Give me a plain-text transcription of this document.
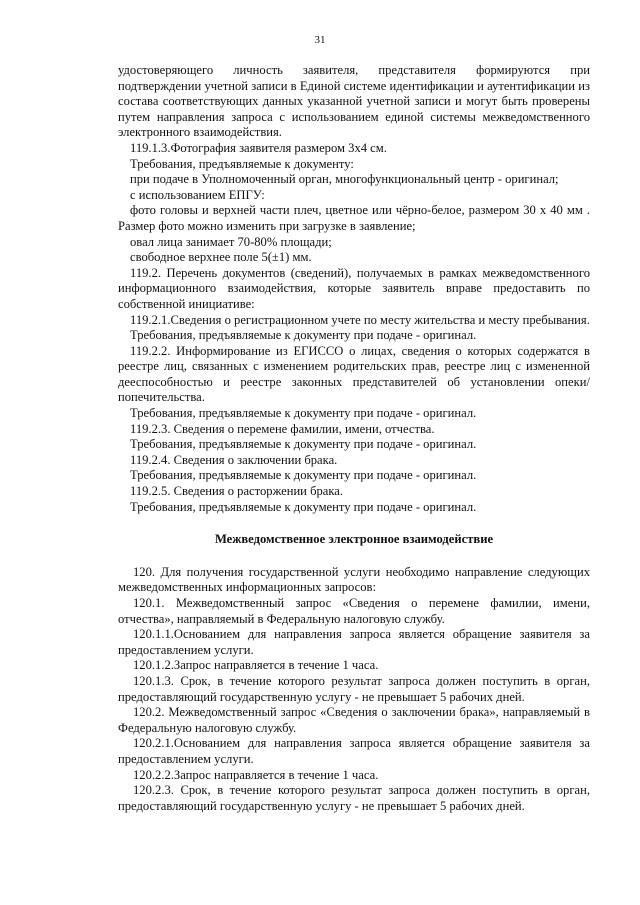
31

удостоверяющего личность заявителя, представителя формируются при подтверждении учетной записи в Единой системе идентификации и аутентификации из состава соответствующих данных указанной учетной записи и могут быть проверены путем направления запроса с использованием единой системы межведомственного электронного взаимодействия.

119.1.3.Фотография заявителя размером 3х4 см.

Требования, предъявляемые к документу:

при подаче в Уполномоченный орган, многофункциональный центр - оригинал;

с использованием ЕПГУ:

фото головы и верхней части плеч, цветное или чёрно-белое, размером 30 х 40 мм . Размер фото можно изменить при загрузке в заявление;

овал лица занимает 70-80% площади;

свободное верхнее поле 5(±1) мм.

119.2. Перечень документов (сведений), получаемых в рамках межведомственного информационного взаимодействия, которые заявитель вправе предоставить по собственной инициативе:

119.2.1.Сведения о регистрационном учете по месту жительства и месту пребывания.

Требования, предъявляемые к документу при подаче - оригинал.

119.2.2. Информирование из ЕГИССО о лицах, сведения о которых содержатся в реестре лиц, связанных с изменением родительских прав, реестре лиц с измененной дееспособностью и реестре законных представителей об установлении опеки/ попечительства.

Требования, предъявляемые к документу при подаче - оригинал.

119.2.3. Сведения о перемене фамилии, имени, отчества.

Требования, предъявляемые к документу при подаче - оригинал.

119.2.4. Сведения о заключении брака.

Требования, предъявляемые к документу при подаче - оригинал.

119.2.5. Сведения о расторжении брака.

Требования, предъявляемые к документу при подаче - оригинал.

Межведомственное электронное взаимодействие

120. Для получения государственной услуги необходимо направление следующих межведомственных информационных запросов:

120.1. Межведомственный запрос «Сведения о перемене фамилии, имени, отчества», направляемый в Федеральную налоговую службу.

120.1.1.Основанием для направления запроса является обращение заявителя за предоставлением услуги.

120.1.2.Запрос направляется в течение 1 часа.

120.1.3. Срок, в течение которого результат запроса должен поступить в орган, предоставляющий государственную услугу - не превышает 5 рабочих дней.

120.2. Межведомственный запрос «Сведения о заключении брака», направляемый в Федеральную налоговую службу.

120.2.1.Основанием для направления запроса является обращение заявителя за предоставлением услуги.

120.2.2.Запрос направляется в течение 1 часа.

120.2.3. Срок, в течение которого результат запроса должен поступить в орган, предоставляющий государственную услугу - не превышает 5 рабочих дней.
